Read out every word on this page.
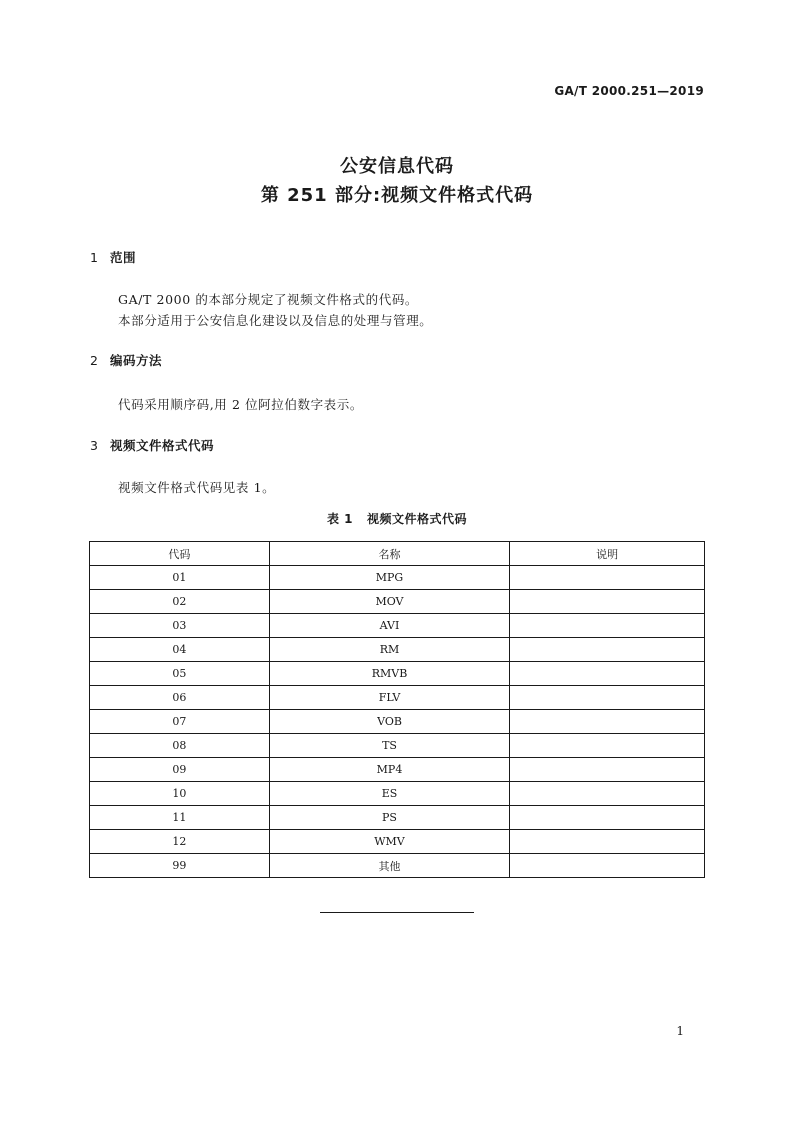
GA/T 2000.251—2019
公安信息代码
第 251 部分:视频文件格式代码
1 范围
GA/T 2000 的本部分规定了视频文件格式的代码。
本部分适用于公安信息化建设以及信息的处理与管理。
2 编码方法
代码采用顺序码,用 2 位阿拉伯数字表示。
3 视频文件格式代码
视频文件格式代码见表 1。
表 1 视频文件格式代码
代码	名称	说明
01	MPG	
02	MOV	
03	AVI	
04	RM	
05	RMVB	
06	FLV	
07	VOB	
08	TS	
09	MP4	
10	ES	
11	PS	
12	WMV	
99	其他	
1
